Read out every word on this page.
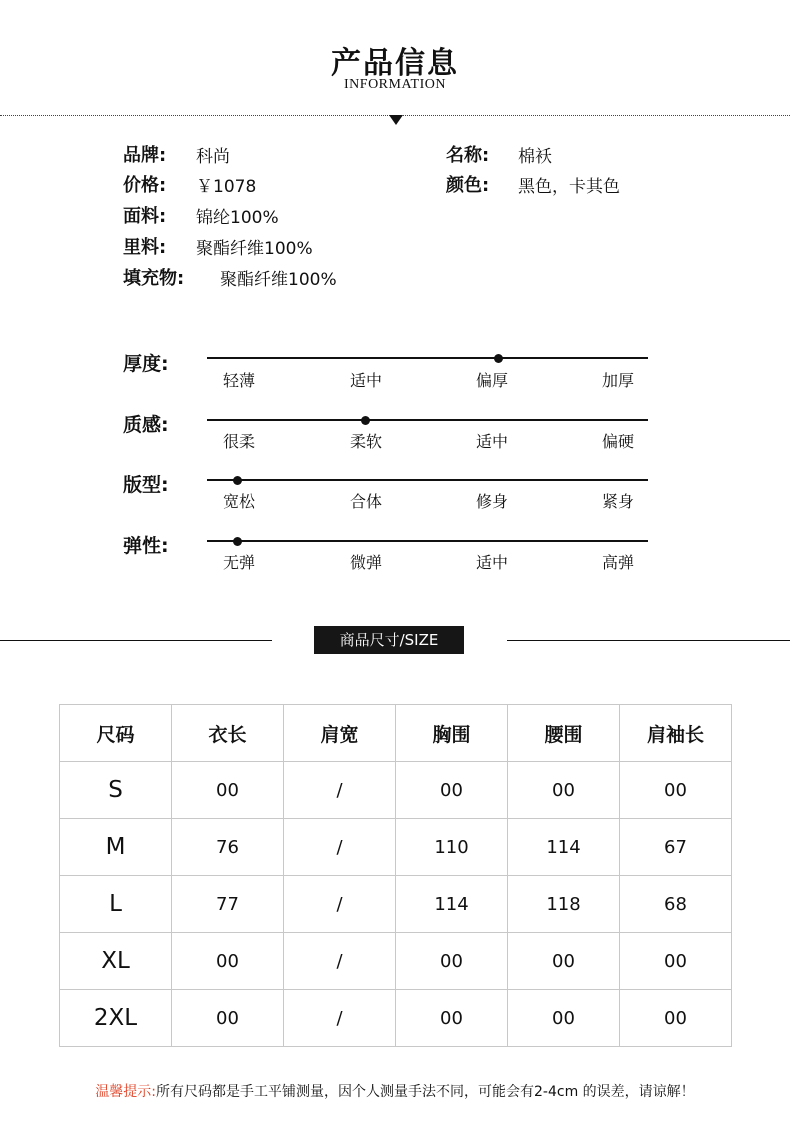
产品信息
INFORMATION
品牌: 科尚	名称: 棉袄
价格: ￥1078	颜色: 黑色，卡其色
面料: 锦纶100%
里料: 聚酯纤维100%
填充物: 聚酯纤维100%
厚度:
轻薄	适中	偏厚	加厚
质感:
很柔	柔软	适中	偏硬
版型:
宽松	合体	修身	紧身
弹性:
无弹	微弹	适中	高弹
商品尺寸/SIZE
尺码	衣长	肩宽	胸围	腰围	肩袖长
S	00	/	00	00	00
M	76	/	110	114	67
L	77	/	114	118	68
XL	00	/	00	00	00
2XL	00	/	00	00	00
温馨提示:所有尺码都是手工平铺测量，因个人测量手法不同，可能会有2-4cm 的误差，请谅解！
